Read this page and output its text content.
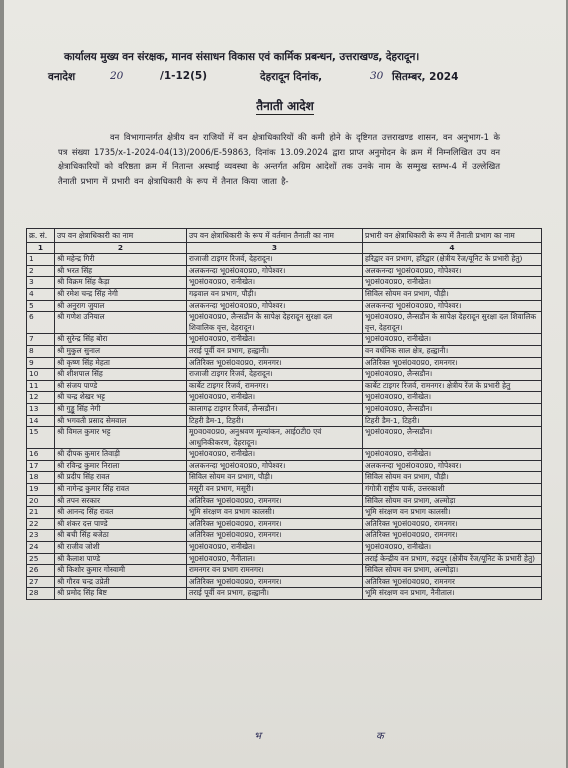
कार्यालय मुख्य वन संरक्षक, मानव संसाधन विकास एवं कार्मिक प्रबन्धन, उत्तराखण्ड, देहरादून।
वनादेश	20	/1-12(5)	देहरादून दिनांक,	30 सितम्बर, 2024
तैनाती आदेश
वन विभागान्तर्गत क्षेत्रीय वन राजियों में वन क्षेत्राधिकारियों की कमी होने के दृष्टिगत उत्तराखण्ड शासन, वन अनुभाग-1 के पत्र संख्या 1735/x-1-2024-04(13)/2006/E-59863, दिनांक 13.09.2024 द्वारा प्राप्त अनुमोदन के क्रम में निम्नलिखित उप वन क्षेत्राधिकारियों को वरिष्ठता क्रम में नितान्त अस्थाई व्यवस्था के अन्तर्गत अग्रिम आदेशों तक उनके नाम के सम्मुख स्तम्भ-4 में उल्लेखित तैनाती प्रभाग में प्रभारी वन क्षेत्राधिकारी के रूप में तैनात किया जाता है-
क्र. सं.	उप वन क्षेत्राधिकारी का नाम	उप वन क्षेत्राधिकारी के रूप में वर्तमान तैनाती का नाम	प्रभारी वन क्षेत्राधिकारी के रूप में तैनाती प्रभाग का नाम
1	2	3	4
1	श्री महेन्द्र गिरी	राजाजी टाइगर रिजर्व, देहरादून।	हरिद्वार वन प्रभाग, हरिद्वार (क्षेत्रीय रेंज/यूनिट के प्रभारी हेतु)
2	श्री भरत सिंह	अलकनन्दा भू0सं0व0प्र0, गोपेश्वर।	अलकनन्दा भू0सं0व0प्र0, गोपेश्वर।
3	श्री विक्रम सिंह कैड़ा	भू0सं0व0प्र0, रानीखेत।	भू0सं0व0प्र0, रानीखेत।
4	श्री रमेश चन्द्र सिंह नेगी	गढ़वाल वन प्रभाग, पौड़ी।	सिविल सोयम वन प्रभाग, पौड़ी।
5	श्री अनुराग जुयाल	अलकनन्दा भू0सं0व0प्र0, गोपेश्वर।	अलकनन्दा भू0सं0व0प्र0, गोपेश्वर।
6	श्री गणेश उनियाल	भू0सं0व0प्र0, लैन्सडौन के सापेक्ष देहरादून सुरक्षा दल शिवालिक वृत्त, देहरादून।	भू0सं0व0प्र0, लैन्सडौन के सापेक्ष देहरादून सुरक्षा दल शिवालिक वृत्त, देहरादून।
7	श्री सुरेन्द्र सिंह बोरा	भू0सं0व0प्र0, रानीखेत।	भू0सं0व0प्र0, रानीखेत।
8	श्री मुकुल सुनाल	तराई पूर्वी वन प्रभाग, हल्द्वानी।	वन वर्धनिक साल क्षेत्र, हल्द्वानी।
9	श्री कृष्ण सिंह मेहता	अतिरिक्त भू0सं0व0प्र0, रामनगर।	अतिरिक्त भू0सं0व0प्र0, रामनगर।
10	श्री शीशपाल सिंह	राजाजी टाइगर रिजर्व, देहरादून।	भू0सं0व0प्र0, लैन्सडौन।
11	श्री संजय पाण्डे	कार्बेट टाइगर रिजर्व, रामनगर।	कार्बेट टाइगर रिजर्व, रामनगर। क्षेत्रीय रेंज के प्रभारी हेतु
12	श्री चन्द्र शेखर भट्ट	भू0सं0व0प्र0, रानीखेत।	भू0सं0व0प्र0, रानीखेत।
13	श्री गुड्डू सिंह नेगी	कालागढ़ टाइगर रिजर्व, लैन्सडौन।	भू0सं0व0प्र0, लैन्सडौन।
14	श्री भगवती प्रसाद सेमवाल	टिहरी डैम-1, टिहरी।	टिहरी डैम-1, टिहरी।
15	श्री विमल कुमार भट्ट	मू0व0व0प्र0, अनुश्रवण मूल्यांकन, आई0टी0 एवं आधुनिकीकरण, देहरादून।	भू0सं0व0प्र0, लैन्सडौन।
16	श्री दीपक कुमार तिवाड़ी	भू0सं0व0प्र0, रानीखेत।	भू0सं0व0प्र0, रानीखेत।
17	श्री रविन्द्र कुमार निराला	अलकनन्दा भू0सं0व0प्र0, गोपेश्वर।	अलकनन्दा भू0सं0व0प्र0, गोपेश्वर।
18	श्री प्रदीप सिंह रावत	सिविल सोयम वन प्रभाग, पौड़ी।	सिविल सोयम वन प्रभाग, पौड़ी।
19	श्री नागेन्द्र कुमार सिंह रावत	मसूरी वन प्रभाग, मसूरी।	गंगोत्री राष्ट्रीय पार्क, उत्तरकाशी
20	श्री तपन सरकार	अतिरिक्त भू0सं0व0प्र0, रामनगर।	सिविल सोयम वन प्रभाग, अल्मोड़ा
21	श्री आनन्द सिंह रावत	भूमि संरक्षण वन प्रभाग कालसी।	भूमि संरक्षण वन प्रभाग कालसी।
22	श्री शंकर दत्त पाण्डे	अतिरिक्त भू0सं0व0प्र0, रामनगर।	अतिरिक्त भू0सं0व0प्र0, रामनगर।
23	श्री बची सिंह बजेठा	अतिरिक्त भू0सं0व0प्र0, रामनगर।	अतिरिक्त भू0सं0व0प्र0, रामनगर।
24	श्री राजीव जोशी	भू0सं0व0प्र0, रानीखेत।	भू0सं0व0प्र0, रानीखेत।
25	श्री कैलाश पाण्डे	भू0सं0व0प्र0, नैनीताल।	तराई केन्द्रीय वन प्रभाग, रुद्रपुर (क्षेत्रीय रेंज/यूनिट के प्रभारी हेतु)
26	श्री किशोर कुमार गोस्वामी	रामनगर वन प्रभाग रामनगर।	सिविल सोयम वन प्रभाग, अल्मोड़ा।
27	श्री गौरव चन्द्र उप्रेती	अतिरिक्त भू0सं0व0प्र0, रामनगर।	अतिरिक्त भू0सं0व0प्र0, रामनगर
28	श्री प्रमोद सिंह बिष्ट	तराई पूर्वी वन प्रभाग, हल्द्वानी।	भूमि संरक्षण वन प्रभाग, नैनीताल।
भ	क
